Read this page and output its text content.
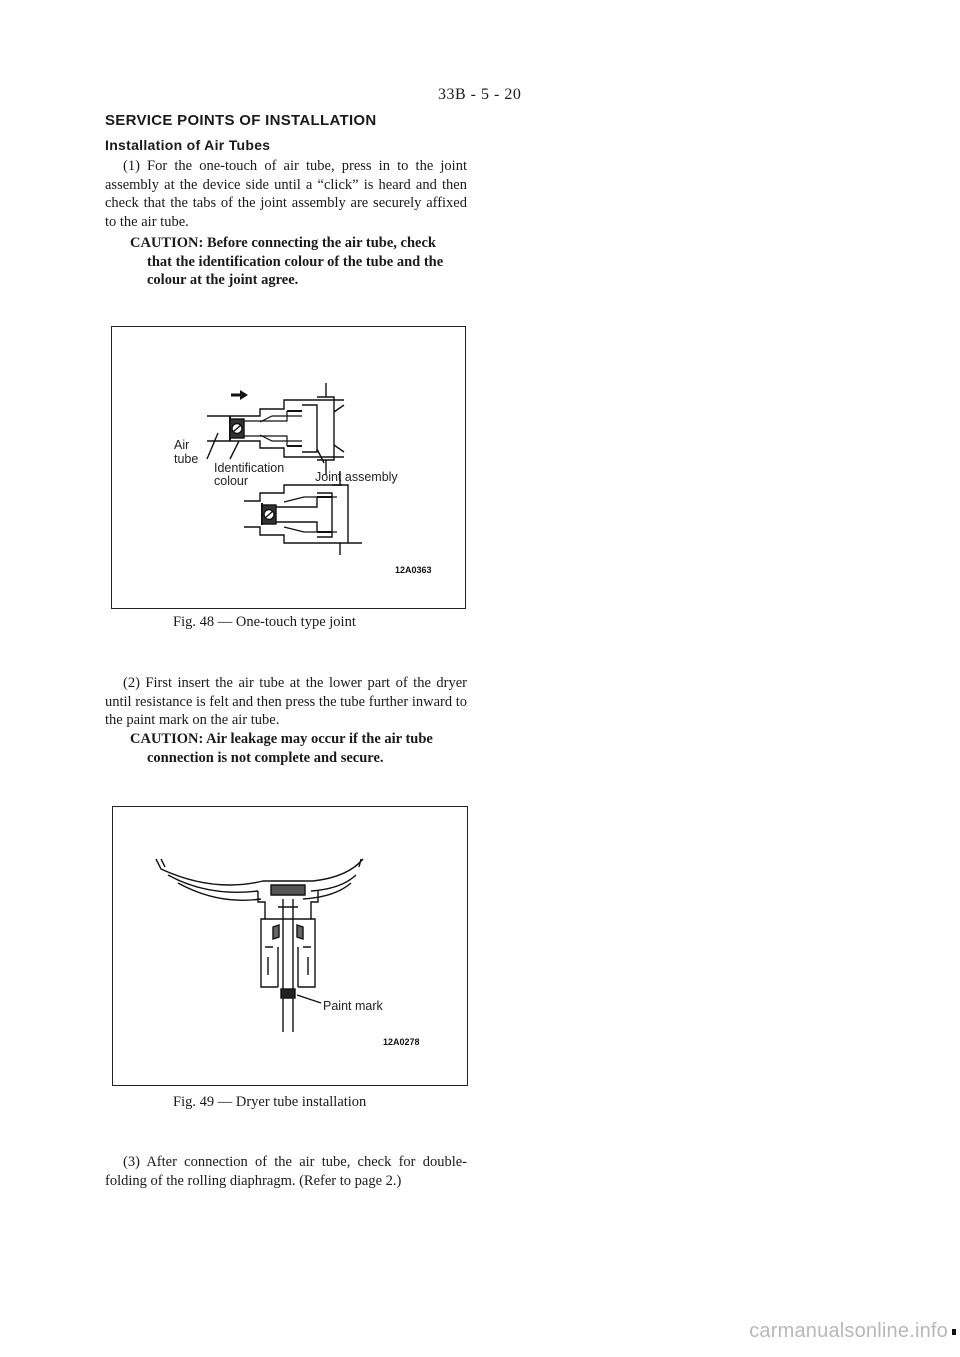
33B - 5 - 20
SERVICE POINTS OF INSTALLATION
Installation of Air Tubes
(1) For the one-touch of air tube, press in to the joint assembly at the device side until a “click” is heard and then check that the tabs of the joint assembly are securely affixed to the air tube.
CAUTION: Before connecting the air tube, check
that the identification colour of the tube and the colour at the joint agree.
Air
tube
Identification
colour	Joint assembly
12A0363
Fig. 48 — One-touch type joint
(2) First insert the air tube at the lower part of the dryer until resistance is felt and then press the tube further inward to the paint mark on the air tube.
CAUTION: Air leakage may occur if the air tube
connection is not complete and secure.
Paint mark
12A0278
Fig. 49 — Dryer tube installation
(3) After connection of the air tube, check for double-folding of the rolling diaphragm. (Refer to page 2.)
carmanualsonline.info
